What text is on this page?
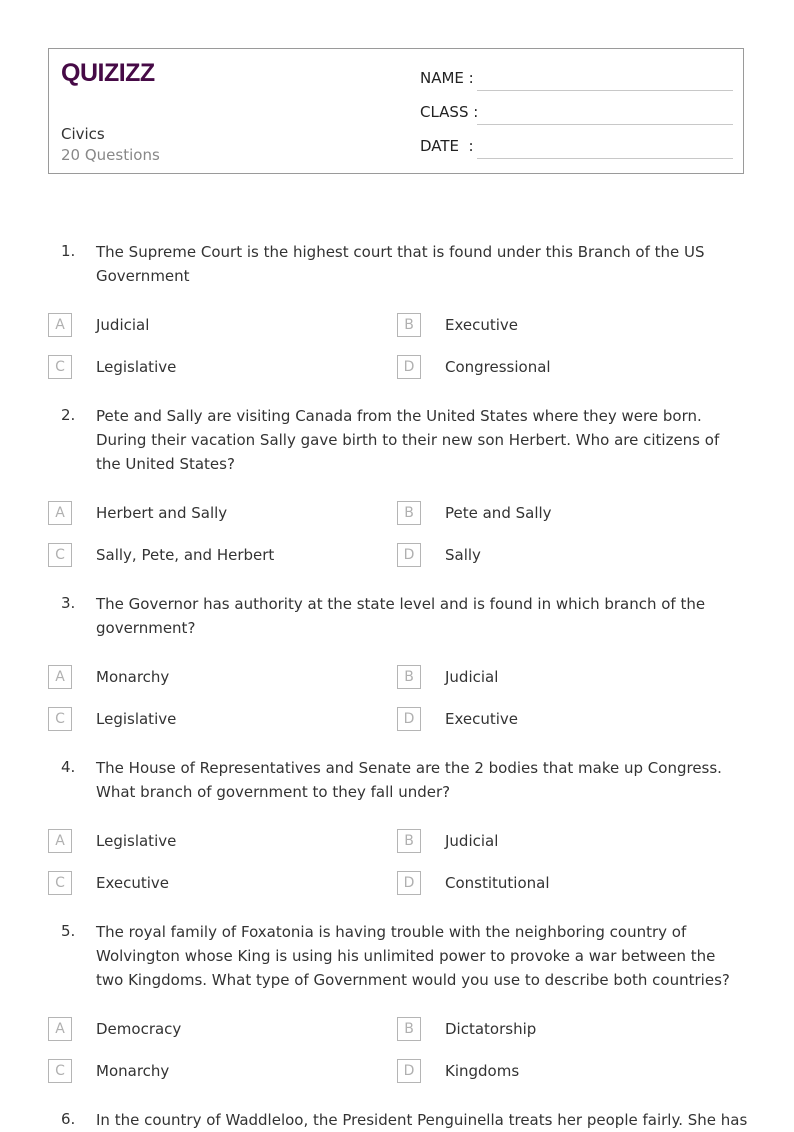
QUIZIZZ
Civics
20 Questions
NAME :
CLASS :
DATE  :
1. The Supreme Court is the highest court that is found under this Branch of the US Government
A	Judicial	B	Executive
C	Legislative	D	Congressional
2. Pete and Sally are visiting Canada from the United States where they were born. During their vacation Sally gave birth to their new son Herbert. Who are citizens of the United States?
A	Herbert and Sally	B	Pete and Sally
C	Sally, Pete, and Herbert	D	Sally
3. The Governor has authority at the state level and is found in which branch of the government?
A	Monarchy	B	Judicial
C	Legislative	D	Executive
4. The House of Representatives and Senate are the 2 bodies that make up Congress. What branch of government to they fall under?
A	Legislative	B	Judicial
C	Executive	D	Constitutional
5. The royal family of Foxatonia is having trouble with the neighboring country of Wolvington whose King is using his unlimited power to provoke a war between the two Kingdoms. What type of Government would you use to describe both countries?
A	Democracy	B	Dictatorship
C	Monarchy	D	Kingdoms
6. In the country of Waddleloo, the President Penguinella treats her people fairly. She has
